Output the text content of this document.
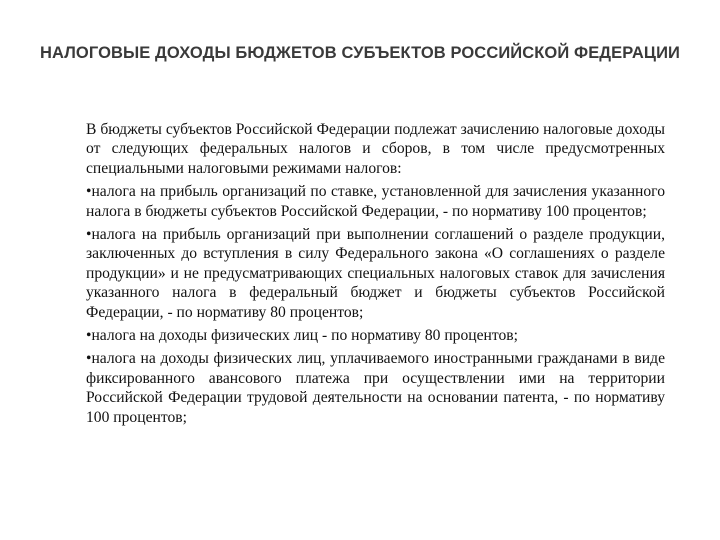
НАЛОГОВЫЕ ДОХОДЫ БЮДЖЕТОВ СУБЪЕКТОВ РОССИЙСКОЙ ФЕДЕРАЦИИ

В бюджеты субъектов Российской Федерации подлежат зачислению налоговые доходы от следующих федеральных налогов и сборов, в том числе предусмотренных специальными налоговыми режимами налогов:

•налога на прибыль организаций по ставке, установленной для зачисления указанного налога в бюджеты субъектов Российской Федерации, - по нормативу 100 процентов;

•налога на прибыль организаций при выполнении соглашений о разделе продукции, заключенных до вступления в силу Федерального закона «О соглашениях о разделе продукции» и не предусматривающих специальных налоговых ставок для зачисления указанного налога в федеральный бюджет и бюджеты субъектов Российской Федерации, - по нормативу 80 процентов;

•налога на доходы физических лиц - по нормативу 80 процентов;

•налога на доходы физических лиц, уплачиваемого иностранными гражданами в виде фиксированного авансового платежа при осуществлении ими на территории Российской Федерации трудовой деятельности на основании патента, - по нормативу 100 процентов;
